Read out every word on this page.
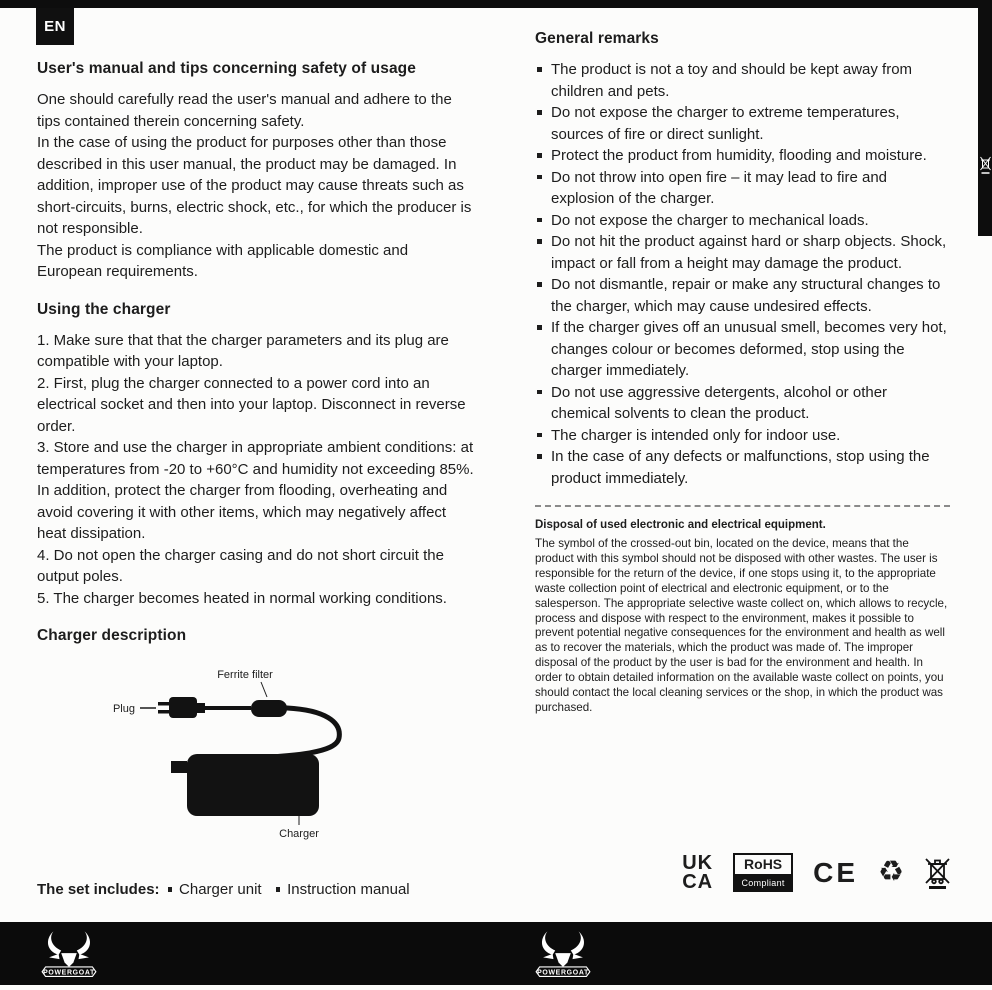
EN
User's manual and tips concerning safety of usage

One should carefully read the user's manual and adhere to the tips contained therein concerning safety.

In the case of using the product for purposes other than those described in this user manual, the product may be damaged. In addition, improper use of the product may cause threats such as short-circuits, burns, electric shock, etc., for which the producer is not responsible.

The product is compliance with applicable domestic and European requirements.

Using the charger

1. Make sure that that the charger parameters and its plug are compatible with your laptop.

2. First, plug the charger connected to a power cord into an electrical socket and then into your laptop. Disconnect in reverse order.

3. Store and use the charger in appropriate ambient conditions: at temperatures from -20 to +60°C and humidity not exceeding 85%. In addition, protect the charger from flooding, overheating and avoid covering it with other items, which may negatively affect heat dissipation.

4. Do not open the charger casing and do not short circuit the output poles.

5. The charger becomes heated in normal working conditions.

Charger description
Ferrite filter
Plug
Charger
The set includes: Charger unit Instruction manual
General remarks
The product is not a toy and should be kept away from children and pets.
Do not expose the charger to extreme temperatures, sources of fire or direct sunlight.
Protect the product from humidity, flooding and moisture.
Do not throw into open fire – it may lead to fire and explosion of the charger.
Do not expose the charger to mechanical loads.
Do not hit the product against hard or sharp objects. Shock, impact or fall from a height may damage the product.
Do not dismantle, repair or make any structural changes to the charger, which may cause undesired effects.
If the charger gives off an unusual smell, becomes very hot, changes colour or becomes deformed, stop using the charger immediately.
Do not use aggressive detergents, alcohol or other chemical solvents to clean the product.
The charger is intended only for indoor use.
In the case of any defects or malfunctions, stop using the product immediately.
Disposal of used electronic and electrical equipment.

The symbol of the crossed-out bin, located on the device, means that the product with this symbol should not be disposed with other wastes. The user is responsible for the return of the device, if one stops using it, to the appropriate waste collection point of electrical and electronic equipment, or to the salesperson. The appropriate selective waste collect on, which allows to recycle, process and dispose with respect to the environment, makes it possible to prevent potential negative consequences for the environment and health as well as to recover the materials, which the product was made of. The improper disposal of the product by the user is bad for the environment and health. In order to obtain detailed information on the available waste collect on points, you should contact the local cleaning services or the shop, in which the product was purchased.

UK
CA
RoHS
Compliant CE ♻︎
POWERGOAT	POWERGOAT
